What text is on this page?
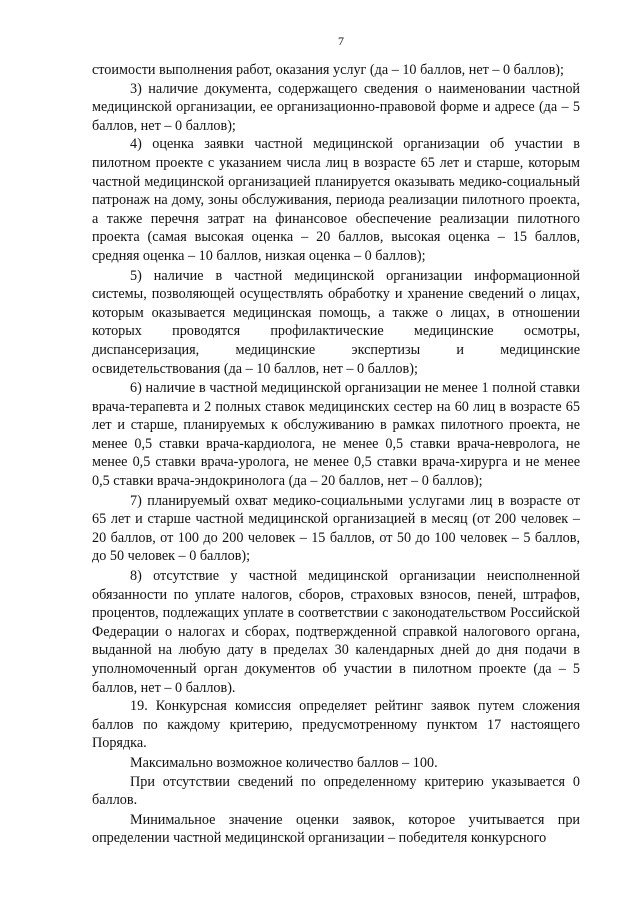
7

стоимости выполнения работ, оказания услуг (да – 10 баллов, нет – 0 баллов);

3) наличие документа, содержащего сведения о наименовании частной медицинской организации, ее организационно-правовой форме и адресе (да – 5 баллов, нет – 0 баллов);

4) оценка заявки частной медицинской организации об участии в пилотном проекте с указанием числа лиц в возрасте 65 лет и старше, которым частной медицинской организацией планируется оказывать медико-социальный патронаж на дому, зоны обслуживания, периода реализации пилотного проекта, а также перечня затрат на финансовое обеспечение реализации пилотного проекта (самая высокая оценка – 20 баллов, высокая оценка – 15 баллов, средняя оценка – 10 баллов, низкая оценка – 0 баллов);

5) наличие в частной медицинской организации информационной системы, позволяющей осуществлять обработку и хранение сведений о лицах, которым оказывается медицинская помощь, а также о лицах, в отношении которых проводятся профилактические медицинские осмотры, диспансеризация, медицинские экспертизы и медицинские освидетельствования (да – 10 баллов, нет – 0 баллов);

6) наличие в частной медицинской организации не менее 1 полной ставки врача-терапевта и 2 полных ставок медицинских сестер на 60 лиц в возрасте 65 лет и старше, планируемых к обслуживанию в рамках пилотного проекта, не менее 0,5 ставки врача-кардиолога, не менее 0,5 ставки врача-невролога, не менее 0,5 ставки врача-уролога, не менее 0,5 ставки врача-хирурга и не менее 0,5 ставки врача-эндокринолога (да – 20 баллов, нет – 0 баллов);

7) планируемый охват медико-социальными услугами лиц в возрасте от 65 лет и старше частной медицинской организацией в месяц (от 200 человек – 20 баллов, от 100 до 200 человек – 15 баллов, от 50 до 100 человек – 5 баллов, до 50 человек – 0 баллов);

8) отсутствие у частной медицинской организации неисполненной обязанности по уплате налогов, сборов, страховых взносов, пеней, штрафов, процентов, подлежащих уплате в соответствии с законодательством Российской Федерации о налогах и сборах, подтвержденной справкой налогового органа, выданной на любую дату в пределах 30 календарных дней до дня подачи в уполномоченный орган документов об участии в пилотном проекте (да – 5 баллов, нет – 0 баллов).

19. Конкурсная комиссия определяет рейтинг заявок путем сложения баллов по каждому критерию, предусмотренному пунктом 17 настоящего Порядка.

Максимально возможное количество баллов – 100.

При отсутствии сведений по определенному критерию указывается 0 баллов.

Минимальное значение оценки заявок, которое учитывается при определении частной медицинской организации – победителя конкурсного
